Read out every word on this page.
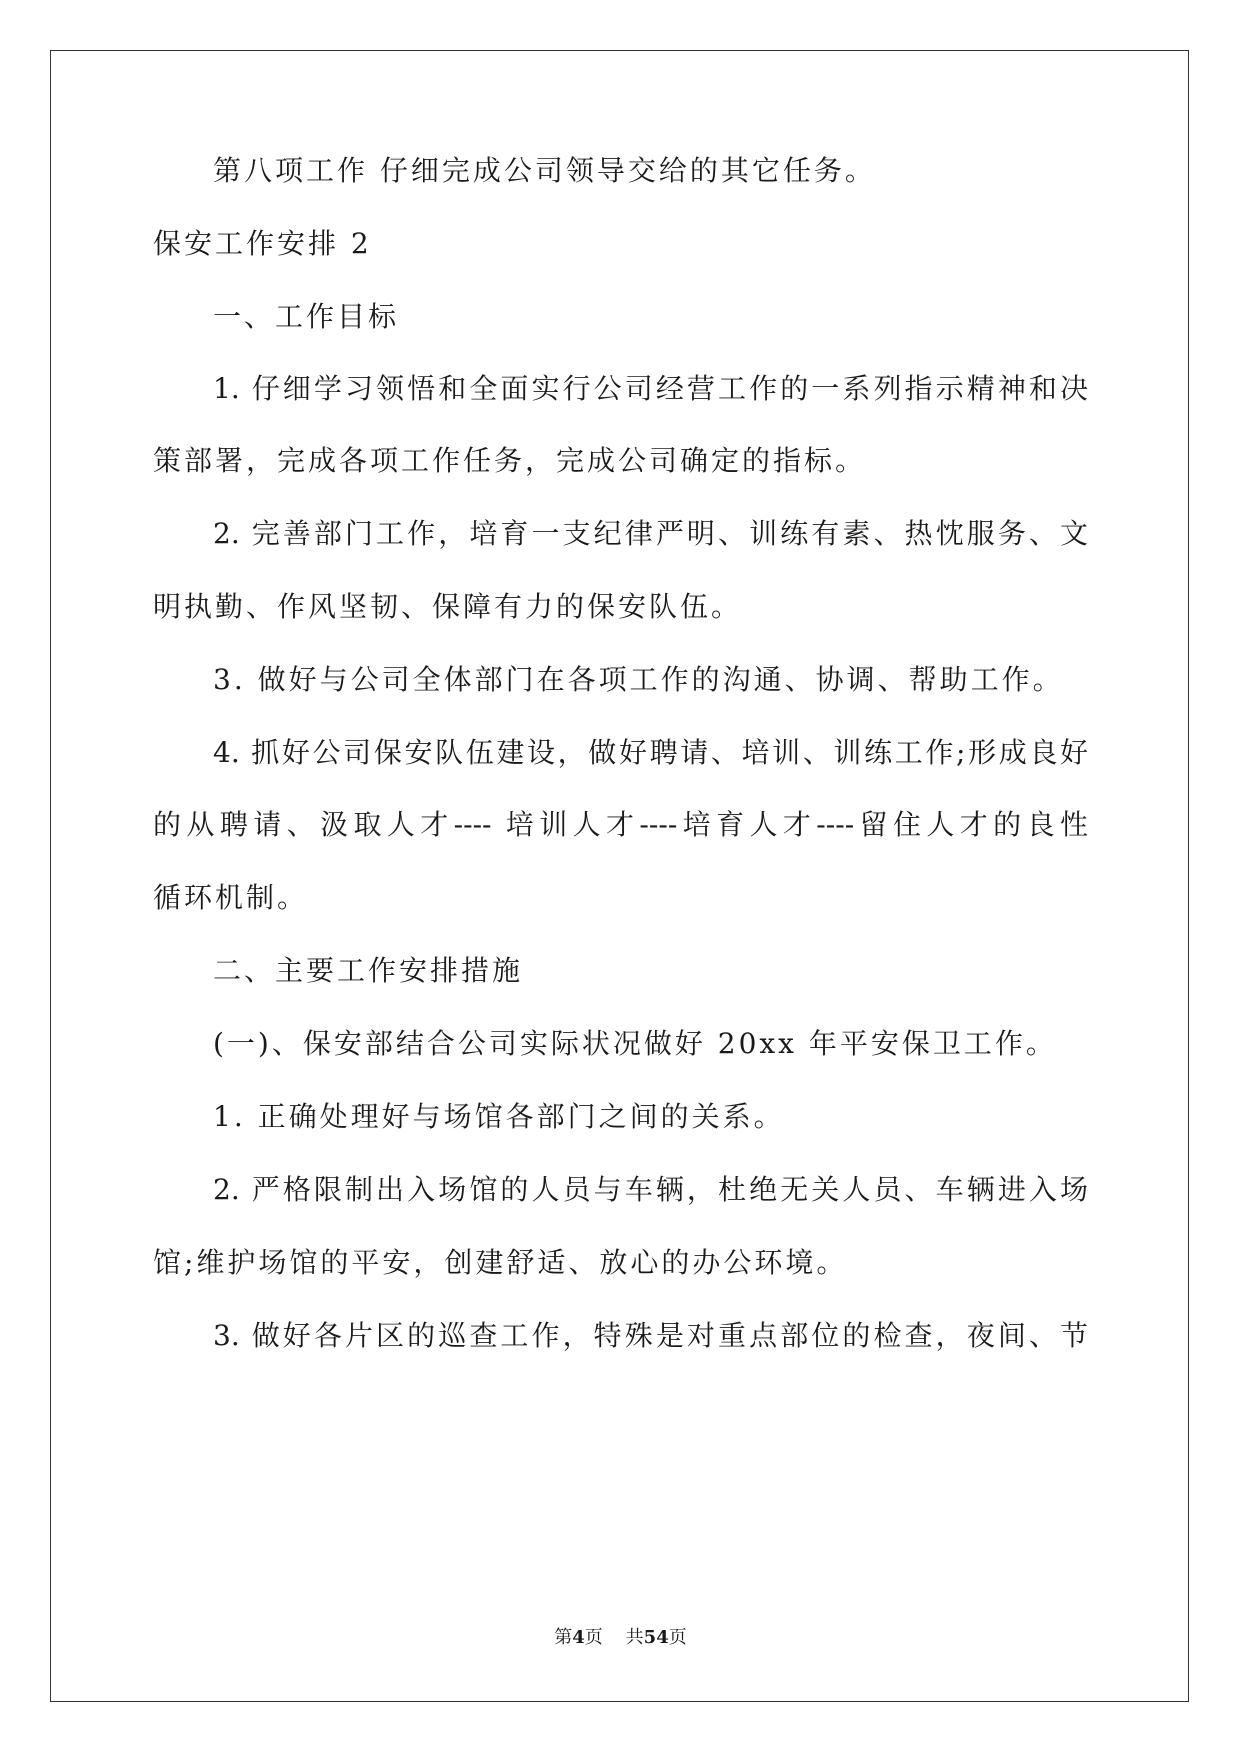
第八项工作 仔细完成公司领导交给的其它任务。
保安工作安排 2
一、工作目标
1. 仔细学习领悟和全面实行公司经营工作的一系列指示精神和决
策部署，完成各项工作任务，完成公司确定的指标。
2. 完善部门工作，培育一支纪律严明、训练有素、热忱服务、文
明执勤、作风坚韧、保障有力的保安队伍。
3. 做好与公司全体部门在各项工作的沟通、协调、帮助工作。
4. 抓好公司保安队伍建设，做好聘请、培训、训练工作;形成良好
的从聘请、汲取人才---- 培训人才----培育人才----留住人才的良性
循环机制。
二、主要工作安排措施
(一)、保安部结合公司实际状况做好 20xx 年平安保卫工作。
1. 正确处理好与场馆各部门之间的关系。
2. 严格限制出入场馆的人员与车辆，杜绝无关人员、车辆进入场
馆;维护场馆的平安，创建舒适、放心的办公环境。
3. 做好各片区的巡查工作，特殊是对重点部位的检查，夜间、节
第4页 共54页
